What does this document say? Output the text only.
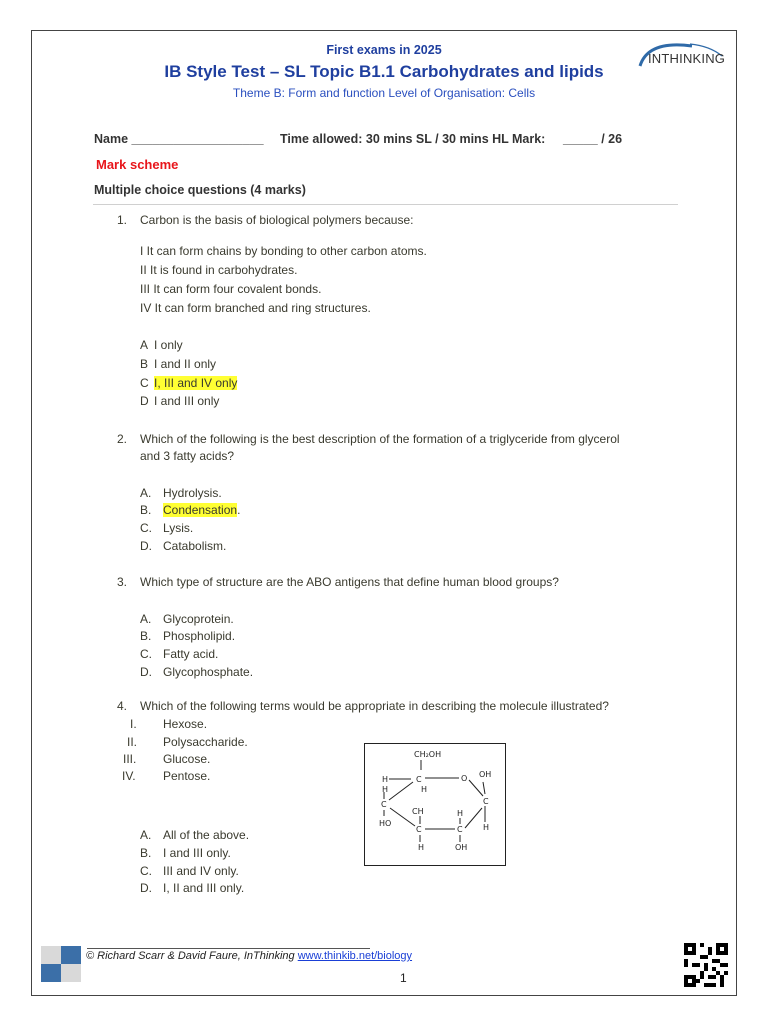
First exams in 2025
IB Style Test – SL Topic B1.1 Carbohydrates and lipids
Theme B: Form and function Level of Organisation: Cells
INTHINKING
Name ___________________ Time allowed: 30 mins SL / 30 mins HL Mark: _____ / 26
Mark scheme
Multiple choice questions (4 marks)
1. Carbon is the basis of biological polymers because:
I It can form chains by bonding to other carbon atoms.
II It is found in carbohydrates.
III It can form four covalent bonds.
IV It can form branched and ring structures.
A I only
B I and II only
C I, III and IV only
D I and III only
2. Which of the following is the best description of the formation of a triglyceride from glycerol
and 3 fatty acids?
A. Hydrolysis.
B. Condensation.
C. Lysis.
D. Catabolism.
3. Which type of structure are the ABO antigens that define human blood groups?
A. Glycoprotein.
B. Phospholipid.
C. Fatty acid.
D. Glycophosphate.
4. Which of the following terms would be appropriate in describing the molecule illustrated?
I. Hexose.
II. Polysaccharide.
III. Glucose.
IV. Pentose.
A. All of the above.
B. I and III only.
C. III and IV only.
D. I, II and III only.
CH₂OH
H	C	O
H
OH
C
H
C
H
HO
CH
C
H
H
C
OH
© Richard Scarr & David Faure, InThinking www.thinkib.net/biology
1
